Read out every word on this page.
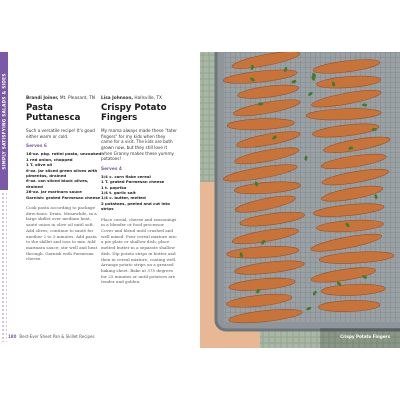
SIMPLY SATISFYING SALADS & SIDES	Brandi Joiner, Mt. Pleasant, TN

Pasta Puttanesca

Such a versatile recipe! It's good either warm or cold.

Serves 6

16-oz. pkg. rotini pasta, uncooked
1 red onion, chopped
1 T. olive oil
6-oz. jar sliced green olives with pimentos, drained
6-oz. can sliced black olives, drained
26-oz. jar marinara sauce
Garnish: grated Parmesan cheese

Cook pasta according to package directions. Drain. Meanwhile, in a large skillet over medium heat, sauté onion in olive oil until soft. Add olives; continue to sauté for another 2 to 3 minutes. Add pasta to the skillet and toss to mix. Add marinara sauce; stir well and heat through. Garnish with Parmesan cheese.

Lisa Johnson, Hallsville, TX

Crispy Potato Fingers

My mama always made these "tater fingers" for my kids when they came for a visit. The kids are both grown now, but they still love it when Granny makes these yummy potatoes!

Serves 4

3/4 c. corn flake cereal
1 T. grated Parmesan cheese
1 t. paprika
1/4 t. garlic salt
1/4 c. butter, melted
2 potatoes, peeled and cut into strips

Place cereal, cheese and seasonings in a blender or food processor. Cover and blend until crushed and well mixed. Pour cereal mixture into a pie plate or shallow dish; place melted butter in a separate shallow dish. Dip potato strips in butter and then in cereal mixture, coating well. Arrange potato strips on a greased baking sheet. Bake at 375 degrees for 25 minutes or until potatoes are tender and golden.

180 Best-Ever Sheet Pan & Skillet Recipes	Crispy Potato Fingers
